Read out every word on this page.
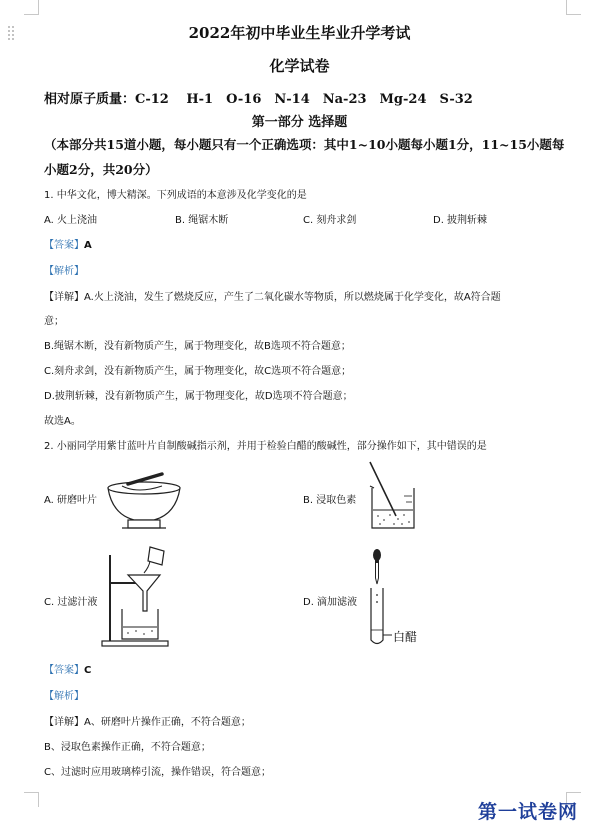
2022年初中毕业生毕业升学考试
化学试卷
相对原子质量：C-12　 H-1　O-16　N-14　Na-23　Mg-24　S-32
第一部分 选择题
（本部分共15道小题，每小题只有一个正确选项：其中1~10小题每小题1分，11~15小题每
小题2分，共20分）
1. 中华文化，博大精深。下列成语的本意涉及化学变化的是
A. 火上浇油	B. 绳锯木断	C. 刻舟求剑	D. 披荆斩棘
【答案】A
【解析】
【详解】A.火上浇油，发生了燃烧反应，产生了二氧化碳水等物质，所以燃烧属于化学变化，故A符合题
意；
B.绳锯木断，没有新物质产生，属于物理变化，故B选项不符合题意；
C.刻舟求剑，没有新物质产生，属于物理变化，故C选项不符合题意；
D.披荆斩棘，没有新物质产生，属于物理变化，故D选项不符合题意；
故选A。
2. 小丽同学用紫甘蓝叶片自制酸碱指示剂，并用于检验白醋的酸碱性，部分操作如下，其中错误的是
A. 研磨叶片	B. 浸取色素
C. 过滤汁液	D. 滴加滤液
白醋
【答案】C
【解析】
【详解】A、研磨叶片操作正确，不符合题意；
B、浸取色素操作正确，不符合题意；
C、过滤时应用玻璃棒引流，操作错误，符合题意；
第一试卷网
